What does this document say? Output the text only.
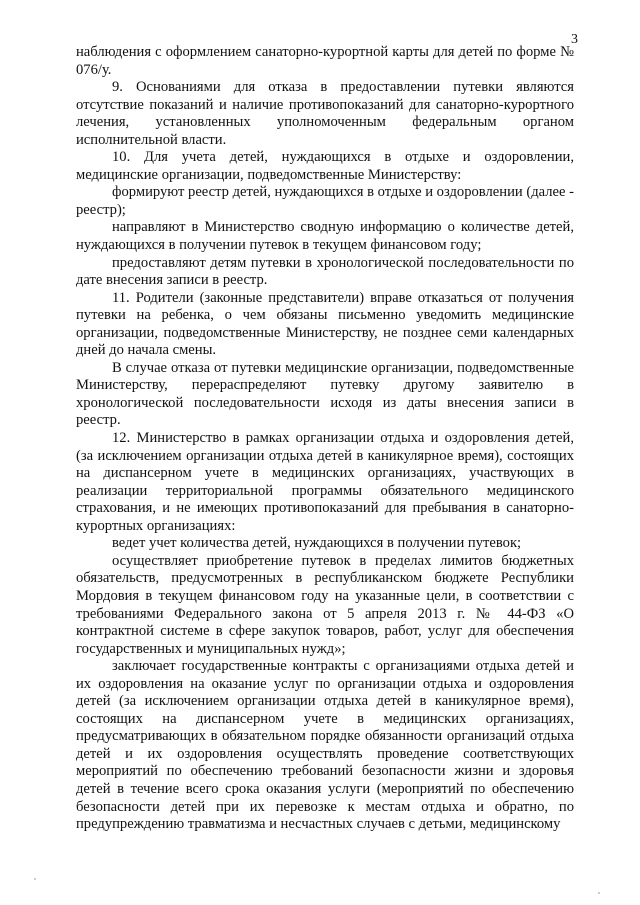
3

наблюдения с оформлением санаторно-курортной карты для детей по форме № 076/у.

9. Основаниями для отказа в предоставлении путевки являются отсутствие показаний и наличие противопоказаний для санаторно-курортного лечения, установленных уполномоченным федеральным органом исполнительной власти.

10. Для учета детей, нуждающихся в отдыхе и оздоровлении, медицинские организации, подведомственные Министерству:

формируют реестр детей, нуждающихся в отдыхе и оздоровлении (далее - реестр);

направляют в Министерство сводную информацию о количестве детей, нуждающихся в получении путевок в текущем финансовом году;

предоставляют детям путевки в хронологической последовательности по дате внесения записи в реестр.

11. Родители (законные представители) вправе отказаться от получения путевки на ребенка, о чем обязаны письменно уведомить медицинские организации, подведомственные Министерству, не позднее семи календарных дней до начала смены.

В случае отказа от путевки медицинские организации, подведомственные Министерству, перераспределяют путевку другому заявителю в хронологической последовательности исходя из даты внесения записи в реестр.

12. Министерство в рамках организации отдыха и оздоровления детей, (за исключением организации отдыха детей в каникулярное время), состоящих на диспансерном учете в медицинских организациях, участвующих в реализации территориальной программы обязательного медицинского страхования, и не имеющих противопоказаний для пребывания в санаторно-курортных организациях:

ведет учет количества детей, нуждающихся в получении путевок;

осуществляет приобретение путевок в пределах лимитов бюджетных обязательств, предусмотренных в республиканском бюджете Республики Мордовия в текущем финансовом году на указанные цели, в соответствии с требованиями Федерального закона от 5 апреля 2013 г. № 44-ФЗ «О контрактной системе в сфере закупок товаров, работ, услуг для обеспечения государственных и муниципальных нужд»;

заключает государственные контракты с организациями отдыха детей и их оздоровления на оказание услуг по организации отдыха и оздоровления детей (за исключением организации отдыха детей в каникулярное время), состоящих на диспансерном учете в медицинских организациях, предусматривающих в обязательном порядке обязанности организаций отдыха детей и их оздоровления осуществлять проведение соответствующих мероприятий по обеспечению требований безопасности жизни и здоровья детей в течение всего срока оказания услуги (мероприятий по обеспечению безопасности детей при их перевозке к местам отдыха и обратно, по предупреждению травматизма и несчастных случаев с детьми, медицинскому
